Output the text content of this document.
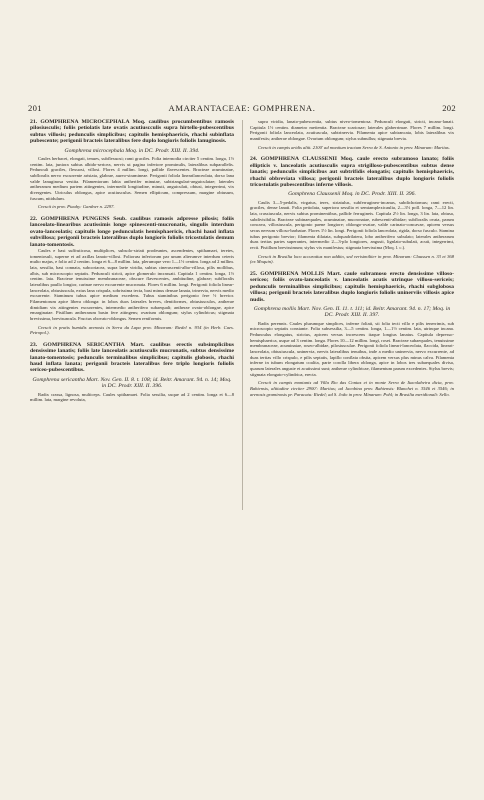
201	AMARANTACEAE: GOMPHRENA.	202

21. GOMPHRENA MICROCEPHALA Moq. caulibus procumbentibus ramosis pilosiusculis; foliis petiolatis late ovatis acutiuscculis supra hirtello-pubescentibus subtus villosis; pedunculis simplicibus; capitulis hemisphaericis, rhachi subinflata pubescente; perigonii bracteis lateralibus fere duplo longioris foliolis lanuginosis.

Gomphrena microcephala Moq. in DC. Prodr. XIII. II. 394.

Caules herbacei, elongati, tenues, subflexuosi; rami graciles. Folia internodia circiter 5 centim. longa, 1½ centim. lata, juniora subtus albido-sericea, nervis ut pagina inferiore prominulis, lateralibus subparallelis. Pedunculi graciles, flexuosi, villosi. Flores 4 millim. longi, pallide flavescentes. Bracteae acuminatae, subfloralis nervo excurrente aristata, glabrae, aureo-stramineae. Perigonii foliola linearilanceolata, dorso lana valde lanuginosa vestita. Filamentorum labia antherifer minutae, subtriangulari-anguiculatae; laterales antherarum medium partem attingentes, intermedii longitudine, minuti, anguiculati, obtusi, integerrimi, vix divergentes. Utriculus oblongus, apice acutiusculus. Semen ellipticum, compressum, margine obtusum, fuscum, nitidulum.

Crescit in prov. Piauhy: Gardner n. 2297.

22. GOMPHRENA PUNGENS Seub. caulibus ramosis adpresse pilosis; foliis lanceolato-linearibus acutissimis longe spinescenti-mucronatis, singulis interdum ovato-lanceolatis; capitulis longe pedunculatis hemisphaericis, rhachi haud inflata subvillosa; perigonii bracteis lateralibus duplo longioris foliolis tricostulatis demum lanato-tomentosis.

Caules e basi suffruticosa, multiplices, subsolo-striati prodeuntes, ascendentes, spithamaei, teretes, tomentosuli, superne et ad axillas lanato-villosi. Folioruм inferiorum par unum alterumve interdum ceteris multo majus, e folio ad 2 centim. longa et 6—8 millim. lata, plerumque vero 1—1½ centim. longa ad 2 millim. lata, sessilia, basi connata, subcoriacea, supra laete viridia, subtus cinerascenti-albo-villosa, pilis mollibus, albis, sub microscopio septatis. Pedunculi stricti, apice glomerulo incrassati. Capitula 1 centim. longa, 1½ centim. lata. Bracteae tenuissime membranaceae, obscure flavescentes, ambitudine, glabrae; subfloralis lateralibus paullo longior, carinae nervo excurrente mucronata. Flores 6 millim. longi. Perigonii foliola linear-lanceolata, obtusiuscula, extus lana crispula, sobrissima tecta, basi minus densae lanata, trinervia, nervis medio excurrente. Staminum tubus apice medium excedens. Tubus staminibus perigonio fere ½ brevior. Filamentorum apice libera oblonga: in lobos duos laterales breves, dentiformes, obtusiusculos, antherae dimidiam vix attingentes excurrentes, intermedio antherifero subaequali; antherae ovato-oblongae, apice emarginatae. Pistillum antherarum basin fere attingens; ovarium oblongum; stylus cylindricus; stigmata brevissima, brevisuncula. Fructus obovato-oblongus. Semen reniformis.

Crescit in pratis humidis arenosis in Serra da Lapa prov. Minarum: Riedel n. 934 (in Herb. Caes. Petropol.).

23. GOMPHRENA SERICANTHA Mart. caulibus erectis subsimplicibus densissime lanatis; foliis late lanceolatis acutiusculis mucronatis, subtus densissime lanato-tomentosis; pedunculis terminalibus simplicibus; capitulis globosis, rhachi haud inflata lanata; perigonii bracteis lateralibus fere triplo longioris foliolis sericeo-pubescentibus.

Gomphrena sericantha Mart. Nov. Gen. II. 8. t. 108; id. Beitr. Amarant. 94. n. 14; Moq. in DC. Prodr. XIII. II. 396.

Radix crassa, lignosa, multiceps. Caules spithamaei. Folia sessilia, usque ad 2 centim. longa et 6—8 millim. lata, margine revoluta,

supra viridia, lanato-pubescentia, subtus niveo-tomentosa. Pedunculi elongati, stricti, incano-lanati. Capitula 1½ centim. diametro metientia. Bracteae scariosae; laterales glaberrimae. Flores 7 millim. longi. Perigonii foliola lanceolata, acutiuscula, subtrinervia. Filamenta apice subtrancata, lobis lateralibus vix manifestis; antherae oblongae. Ovarium oblongum; stylus subnullus; stigmata brevia.

Crescit in campis aridis altit. 2100' ad montium tractum Serra de S. Antonio in prov. Minarum: Martius.

24. GOMPHRENA CLAUSSENII Moq. caule erecto subramoso lanato; foliis ellipticis v. lanceolatis acutiusculis supra strigilloso-pubescentibus subtus dense lanatis; pedunculis simplicibus aut subtrifidis elongatis; capitulis hemisphaericis, rhachi obbreviata villosa; perigonii bracteis lateralibus duplo longioris foliolis tricostulatis pubescentibus inferne villosis.

Gomphrena Claussenii Moq. in DC. Prodr. XIII. II. 396.

Caulis 3—5-pedalis, virgatus, teres, striatulus, subferrugineo-incanus, subdichotomus; rami erecti, graciles, dense lanati. Folia petiolata, superiora sessilia et semiamplexicaulia, 2—3⅓ poll. longa, 7—12 lin. lata, crassiuscula, nervis subtus prominentibus, pallide ferrugineis. Capitula 2½ lin. longa, 3 lin. lata, obtusa, subdivisibilia. Bracteae subinaequales, acuminatae, mucronatae, rubescenti-albidae; subfloralis ovata, parum concava, villosiuscula, perigonio paene longiore; oblongo-ovatae, valde carinato-concavae, apicem versus secus nervum villoso-barbatae. Flores 1½ lin. longi. Perigonii foliola lanceolata, rigida, dorso fusculo. Stamina tubus perigonio brevior; filamenta dilatata, subquadrilatera, lobo antherifero subulato; laterales antherarum duas tertias partes superantes, intermedio 2—3-plo longiores, angusti, lignlato-subulati, acuti, integerrimi, recti. Pistillum brevissimum; stylus vix manifestus; stigmata brevissima (Moq. l. c.).

Crescit in Brasilia loco accuratius non addito, sed verisimiliter in prov. Minarum: Claussen n. 33 et 368 (ex Moquin).

25. GOMPHRENA MOLLIS Mart. caule subramoso erecto densissime villoso-sericeo; foliis ovato-lanceolatis v. lanceolatis acutis utrinque villoso-sericeis; pedunculis terminalibus simplicibus; capitulis hemisphaericis, rhachi subglobosa villosa; perigonii bracteis lateralibus duplo longioris foliolis uninerviis villosis apice nudis.

Gomphrena mollis Mart. Nov. Gen. II. 11. t. 111; id. Beitr. Amarant. 94. n. 17; Moq. in DC. Prodr. XIII. II. 397.

Radix perennis. Caules plurumque simplices, inferne foliati, sti folia tecti villo e pilis tenerrimis, sub microscopio septatis constante. Folia subsessilia, 3—5 centim. longa, 1—1½ centim. lata, utrinque incana. Pedunculus elongatus, strictus, apicem versus increscens itaque longius lanatus. Capitula depresso-hemisphaerica, usque ad 3 centim. longa. Flores 10—12 millim. longi, rosei. Bracteae subaequales, tenuissime membranaceae, acuminatae, roseo-albidae, pilosiusculae. Perigonii foliola lineari-lanceolata, flaccida, lineari-lanceolata, obtusiuscula, uninervia, nervis lateralibus tenuibus, inde a medio uninervia, nervo excurrente, ad duas tertias villo crispulo, e pilis septatis, lapillo conflata obsita, apicem versus plus minus calva. Filamenta inferne in tubum elongatum coalita, parte corolla libera oblonga, apice in lobos tres subaequales divisa, quarum laterales anguste et acutissimi sunt; antherae cylindricae, filamentum parum excedentes. Stylus brevis; stigmata elongato-cylindrica, erecta.

Crescit in campis montanis ad Villa Rio das Contas et in monte Serra de Itacolabeira dicta, prov. Bahiensis, altitudine circiter 2900': Martius; ad Jacobina prov. Bahiensis: Blanchet n. 3546 et 3546; in arenosis graminosis pr. Paracatu: Riedel; ad S. João in prov. Minarum: Pohl; in Brasilia meridionali: Sello.
